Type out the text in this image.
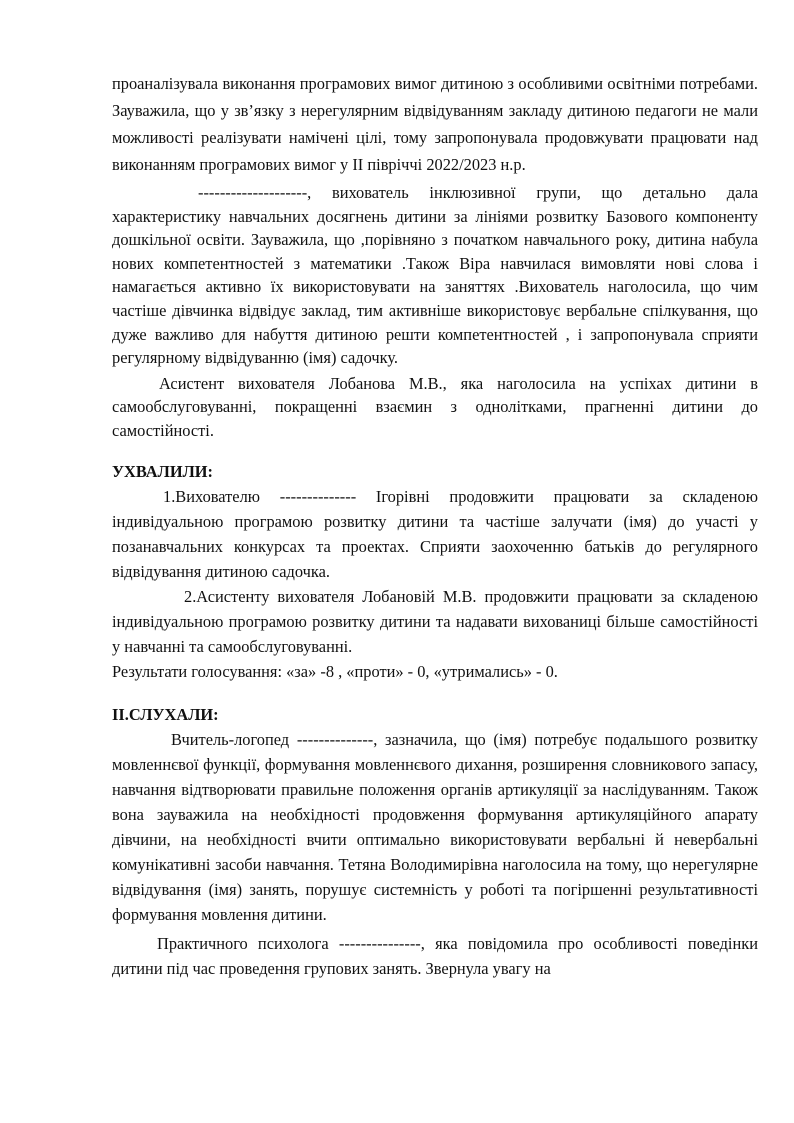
проаналізувала виконання програмових вимог дитиною з особливими освітніми потребами. Зауважила, що у зв’язку з нерегулярним відвідуванням закладу дитиною педагоги не мали можливості реалізувати намічені цілі, тому запропонувала продовжувати працювати над виконанням програмових вимог у ІІ півріччі 2022/2023 н.р.

--------------------, вихователь інклюзивної групи, що детально дала характеристику навчальних досягнень дитини за лініями розвитку Базового компоненту дошкільної освіти. Зауважила, що ,порівняно з початком навчального року, дитина набула нових компетентностей з математики .Також Віра навчилася вимовляти нові слова і намагається активно їх використовувати на заняттях .Вихователь наголосила, що чим частіше дівчинка відвідує заклад, тим активніше використовує вербальне спілкування, що дуже важливо для набуття дитиною решти компетентностей , і запропонувала сприяти регулярному відвідуванню (імя) садочку.

Асистент вихователя Лобанова М.В., яка наголосила на успіхах дитини в самообслуговуванні, покращенні взаємин з однолітками, прагненні дитини до самостійності.

УХВАЛИЛИ:

1.Вихователю -------------- Ігорівні продовжити працювати за складеною індивідуальною програмою розвитку дитини та частіше залучати (імя) до участі у позанавчальних конкурсах та проектах. Сприяти заохоченню батьків до регулярного відвідування дитиною садочка.

2.Асистенту вихователя Лобановій М.В. продовжити працювати за складеною індивідуальною програмою розвитку дитини та надавати вихованиці більше самостійності у навчанні та самообслуговуванні.

Результати голосування: «за» -8 , «проти» - 0, «утримались» - 0.

ІІ.СЛУХАЛИ:

Вчитель-логопед --------------, зазначила, що (імя) потребує подальшого розвитку мовленнєвої функції, формування мовленнєвого дихання, розширення словникового запасу, навчання відтворювати правильне положення органів артикуляції за наслідуванням. Також вона зауважила на необхідності продовження формування артикуляційного апарату дівчини, на необхідності вчити оптимально використовувати вербальні й невербальні комунікативні засоби навчання. Тетяна Володимирівна наголосила на тому, що нерегулярне відвідування (імя) занять, порушує системність у роботі та погіршенні результативності формування мовлення дитини.

Практичного психолога ---------------, яка повідомила про особливості поведінки дитини під час проведення групових занять. Звернула увагу на
